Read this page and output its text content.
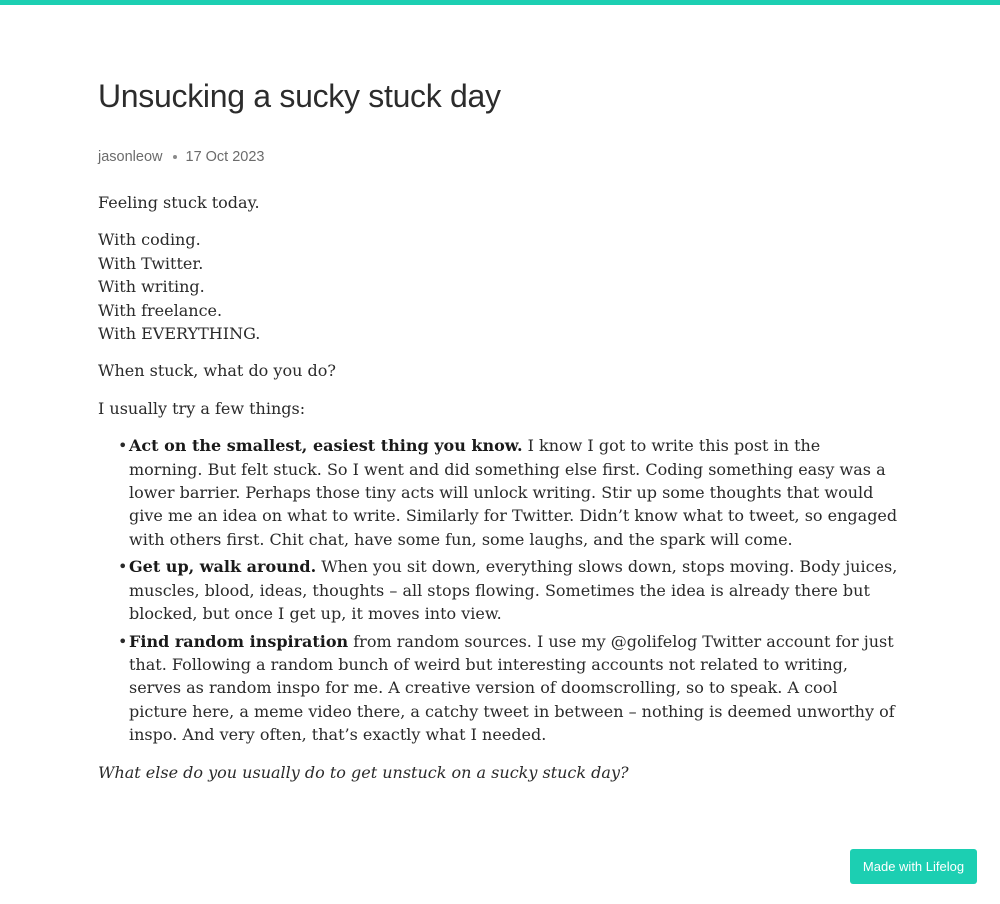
Unsucking a sucky stuck day
jasonleow 17 Oct 2023

Feeling stuck today.

With coding.
With Twitter.
With writing.
With freelance.
With EVERYTHING.

When stuck, what do you do?

I usually try a few things:

• Act on the smallest, easiest thing you know. I know I got to write this post in the morning. But felt stuck. So I went and did something else first. Coding something easy was a lower barrier. Perhaps those tiny acts will unlock writing. Stir up some thoughts that would give me an idea on what to write. Similarly for Twitter. Didn’t know what to tweet, so engaged with others first. Chit chat, have some fun, some laughs, and the spark will come.
• Get up, walk around. When you sit down, everything slows down, stops moving. Body juices, muscles, blood, ideas, thoughts – all stops flowing. Sometimes the idea is already there but blocked, but once I get up, it moves into view.
• Find random inspiration from random sources. I use my @golifelog Twitter account for just that. Following a random bunch of weird but interesting accounts not related to writing, serves as random inspo for me. A creative version of doomscrolling, so to speak. A cool picture here, a meme video there, a catchy tweet in between – nothing is deemed unworthy of inspo. And very often, that’s exactly what I needed.

What else do you usually do to get unstuck on a sucky stuck day?

Made with Lifelog
